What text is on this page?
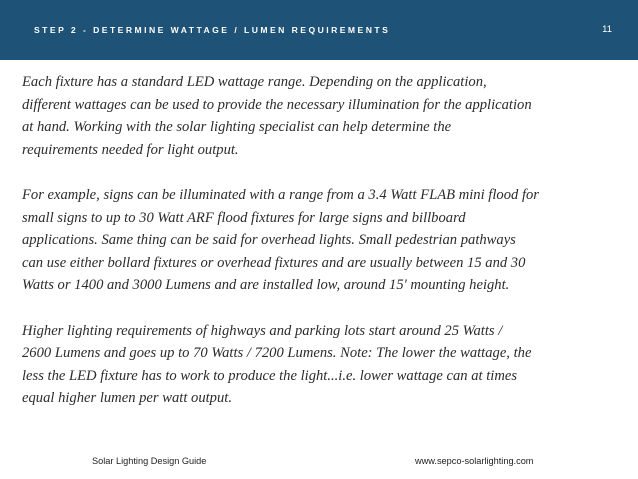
STEP 2 - DETERMINE WATTAGE / LUMEN REQUIREMENTS	11

Each fixture has a standard LED wattage range. Depending on the application,
different wattages can be used to provide the necessary illumination for the application
at hand. Working with the solar lighting specialist can help determine the
requirements needed for light output.

For example, signs can be illuminated with a range from a 3.4 Watt FLAB mini flood for
small signs to up to 30 Watt ARF flood fixtures for large signs and billboard
applications. Same thing can be said for overhead lights. Small pedestrian pathways
can use either bollard fixtures or overhead fixtures and are usually between 15 and 30
Watts or 1400 and 3000 Lumens and are installed low, around 15' mounting height.

Higher lighting requirements of highways and parking lots start around 25 Watts /
2600 Lumens and goes up to 70 Watts / 7200 Lumens. Note: The lower the wattage, the
less the LED fixture has to work to produce the light...i.e. lower wattage can at times
equal higher lumen per watt output.

Solar Lighting Design Guide	www.sepco-solarlighting.com
